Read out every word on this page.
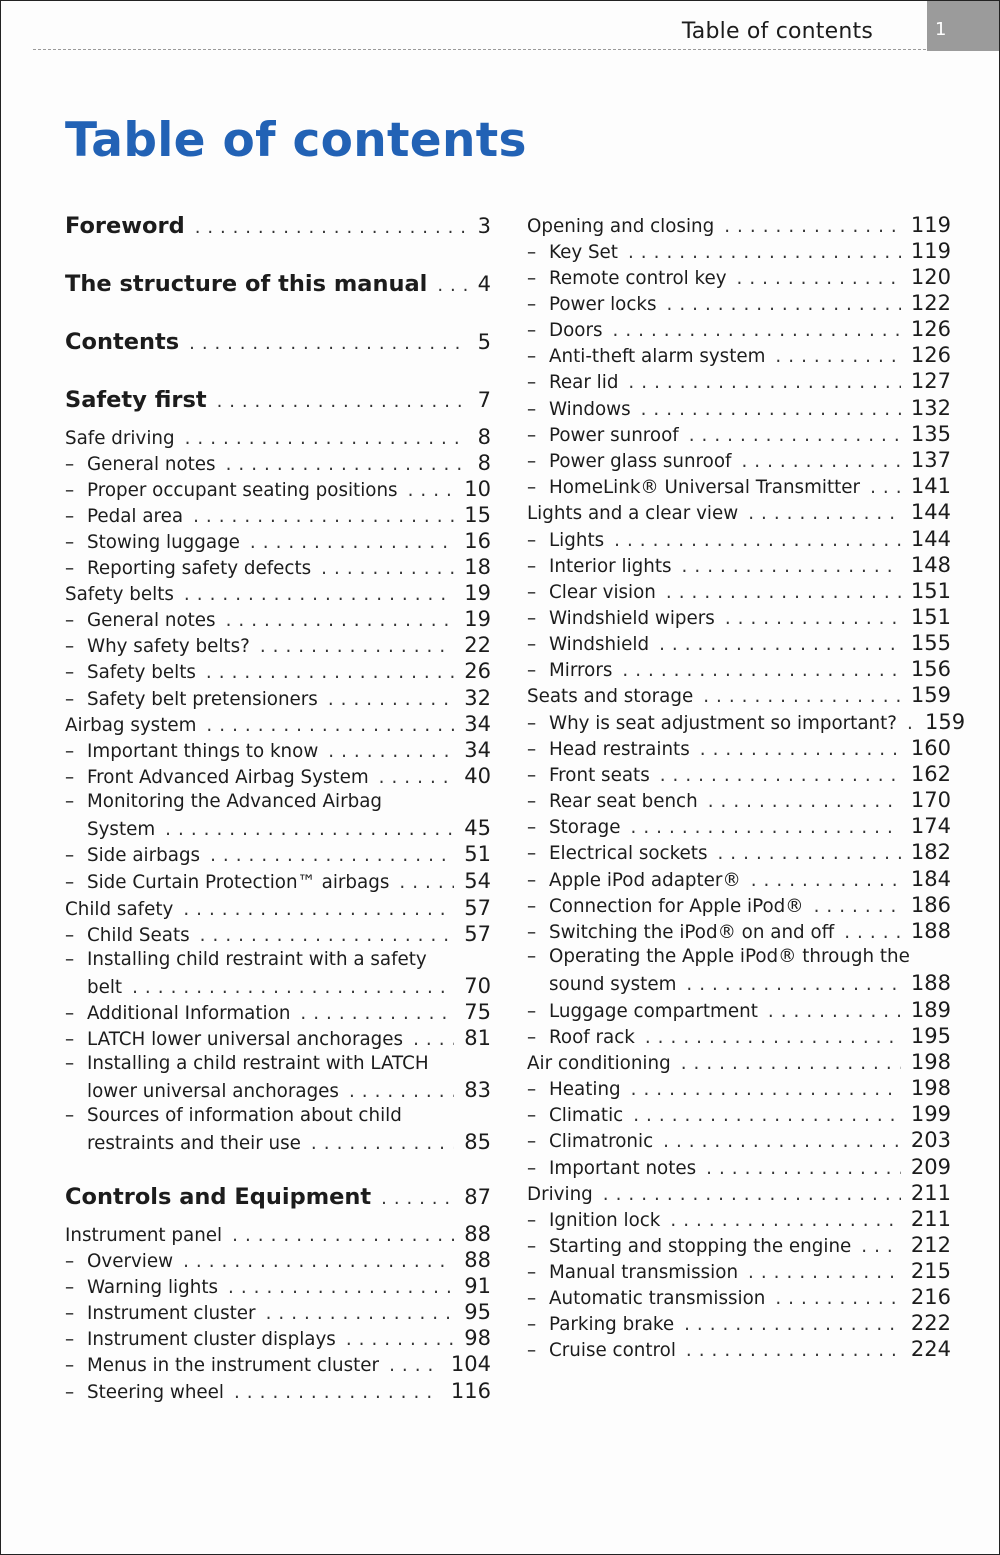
Table of contents	1
Table of contents
Foreword . . .	3
The structure of this manual . . . 4
Contents . . .	5
Safety first . . .	7
Safe driving . . .	8
– General notes . . .	8
– Proper occupant seating positions . . .	10
– Pedal area . . .	15
– Stowing luggage . . .	16
– Reporting safety defects . . .	18
Safety belts . . .	19
– General notes . . .	19
– Why safety belts? . . .	22
– Safety belts . . .	26
– Safety belt pretensioners . . .	32
Airbag system . . .	34
– Important things to know . . .	34
– Front Advanced Airbag System . . .	40
Monitoring the Advanced Airbag
–
System . . .	45
– Side airbags . . .	51
– Side Curtain Protection™ airbags . . .	54
Child safety . . .	57
– Child Seats . . .	57
Installing child restraint with a safety
–
belt . . .	70
– Additional Information . . .	75
– LATCH lower universal anchorages . . .	81
Installing a child restraint with LATCH
–
lower universal anchorages . . .	83
Sources of information about child
–
restraints and their use . . .	85
Controls and Equipment . . .	87
Instrument panel . . .	88
– Overview . . .	88
– Warning lights . . .	91
– Instrument cluster . . .	95
– Instrument cluster displays . . .	98
– Menus in the instrument cluster . . .	104
– Steering wheel . . .	116
Opening and closing . . .	119
– Key Set . . .	119
– Remote control key . . .	120
– Power locks . . .	122
– Doors . . .	126
– Anti-theft alarm system . . .	126
– Rear lid . . .	127
– Windows . . .	132
– Power sunroof . . .	135
– Power glass sunroof . . .	137
– HomeLink® Universal Transmitter . . . 141
Lights and a clear view . . .	144
– Lights . . .	144
– Interior lights . . .	148
– Clear vision . . .	151
– Windshield wipers . . .	151
– Windshield . . .	155
– Mirrors . . .	156
Seats and storage . . .	159
– Why is seat adjustment so important? . . . 159
– Head restraints . . .	160
– Front seats . . .	162
– Rear seat bench . . .	170
– Storage . . .	174
– Electrical sockets . . .	182
– Apple iPod adapter® . . .	184
– Connection for Apple iPod® . . .	186
– Switching the iPod® on and off . . .	188
Operating the Apple iPod® through the
–
sound system . . .	188
– Luggage compartment . . .	189
– Roof rack . . .	195
Air conditioning . . .	198
– Heating . . .	198
– Climatic . . .	199
– Climatronic . . .	203
– Important notes . . .	209
Driving . . .	211
– Ignition lock . . .	211
– Starting and stopping the engine . . .	212
– Manual transmission . . .	215
– Automatic transmission . . .	216
– Parking brake . . .	222
– Cruise control . . .	224
